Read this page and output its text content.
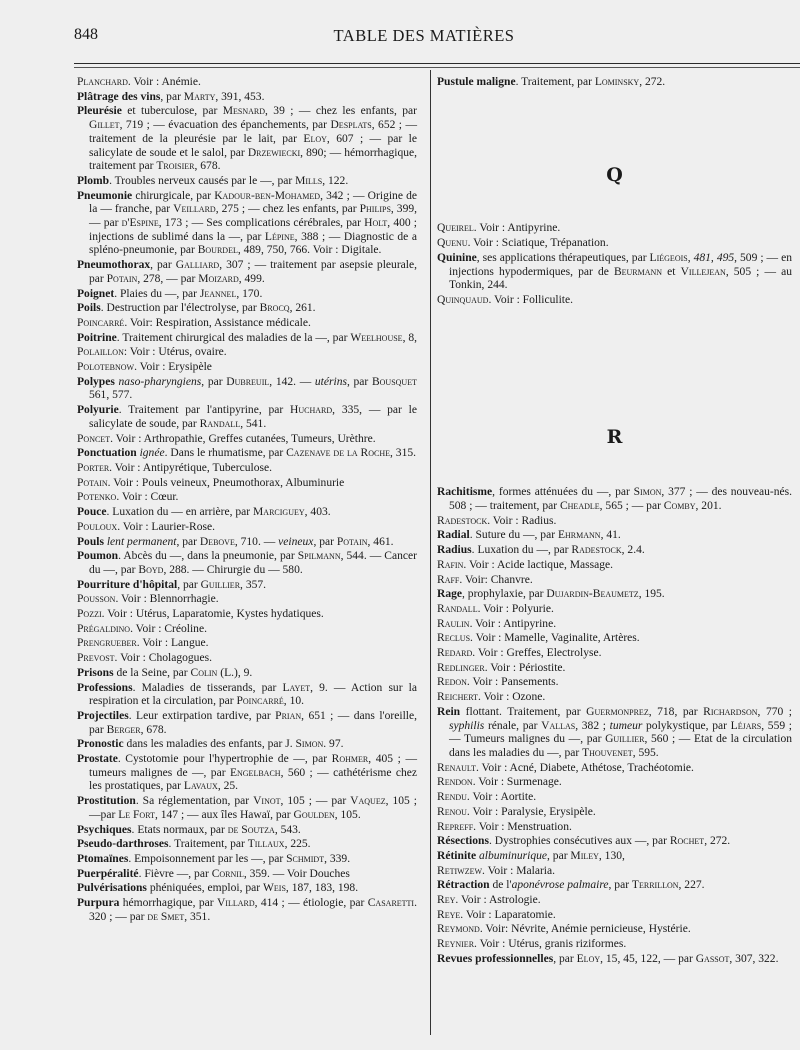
848	TABLE DES MATIÈRES
Planchard. Voir : Anémie.
Plâtrage des vins, par Marty, 391, 453.
Pleurésie et tuberculose, par Mesnard, 39 ; — chez les enfants, par Gillet, 719 ; — évacuation des épanchements, par Desplats, 652 ; — traitement de la pleurésie par le lait, par Eloy, 607 ; — par le salicylate de soude et le salol, par Drzewiecki, 890; — hémorrhagique, traitement par Troisier, 678.
Plomb. Troubles nerveux causés par le —, par Mills, 122.
Pneumonie chirurgicale, par Kadour-ben-Mohamed, 342 ; — Origine de la — franche, par Veillard, 275 ; — chez les enfants, par Philips, 399, — par d'Espine, 173 ; — Ses complications cérébrales, par Holt, 400 ; injections de sublimé dans la —, par Lépine, 388 ; — Diagnostic de a spléno-pneumonie, par Bourdel, 489, 750, 766. Voir : Digitale.
Pneumothorax, par Galliard, 307 ; — traitement par asepsie pleurale, par Potain, 278, — par Moizard, 499.
Poignet. Plaies du —, par Jeannel, 170.
Poils. Destruction par l'électrolyse, par Brocq, 261.
Poincarré. Voir: Respiration, Assistance médicale.
Poitrine. Traitement chirurgical des maladies de la —, par Weelhouse, 8,
Polaillon: Voir : Utérus, ovaire.
Polotebnow. Voir : Erysipèle
Polypes naso-pharyngiens, par Dubreuil, 142. — utérins, par Bousquet 561, 577.
Polyurie. Traitement par l'antipyrine, par Huchard, 335, — par le salicylate de soude, par Randall, 541.
Poncet. Voir : Arthropathie, Greffes cutanées, Tumeurs, Urèthre.
Ponctuation ignée. Dans le rhumatisme, par Cazenave de la Roche, 315.
Porter. Voir : Antipyrétique, Tuberculose.
Potain. Voir : Pouls veineux, Pneumothorax, Albuminurie
Potenko. Voir : Cœur.
Pouce. Luxation du — en arrière, par Marciguey, 403.
Pouloux. Voir : Laurier-Rose.
Pouls lent permanent, par Debove, 710. — veineux, par Potain, 461.
Poumon. Abcès du —, dans la pneumonie, par Spilmann, 544. — Cancer du —, par Boyd, 288. — Chirurgie du — 580.
Pourriture d'hôpital, par Guillier, 357.
Pousson. Voir : Blennorrhagie.
Pozzi. Voir : Utérus, Laparatomie, Kystes hydatiques.
Prégaldino. Voir : Créoline.
Prengrueber. Voir : Langue.
Prevost. Voir : Cholagogues.
Prisons de la Seine, par Colin (L.), 9.
Professions. Maladies de tisserands, par Layet, 9. — Action sur la respiration et la circulation, par Poincarré, 10.
Projectiles. Leur extirpation tardive, par Prian, 651 ; — dans l'oreille, par Berger, 678.
Pronostic dans les maladies des enfants, par J. Simon. 97.
Prostate. Cystotomie pour l'hypertrophie de —, par Rohmer, 405 ; — tumeurs malignes de —, par Engelbach, 560 ; — cathétérisme chez les prostatiques, par Lavaux, 25.
Prostitution. Sa réglementation, par Vinot, 105 ; — par Vaquez, 105 ; —par Le Fort, 147 ; — aux îles Hawaï, par Goulden, 105.
Psychiques. Etats normaux, par de Soutza, 543.
Pseudo-darthroses. Traitement, par Tillaux, 225.
Ptomaïnes. Empoisonnement par les —, par Schmidt, 339.
Puerpéralité. Fièvre —, par Cornil, 359. — Voir Douches
Pulvérisations phéniquées, emploi, par Weis, 187, 183, 198.
Purpura hémorrhagique, par Villard, 414 ; — étiologie, par Casaretti. 320 ; — par de Smet, 351.
Pustule maligne. Traitement, par Lominsky, 272.
Q
Queirel. Voir : Antipyrine.
Quenu. Voir : Sciatique, Trépanation.
Quinine, ses applications thérapeutiques, par Liégeois, 481, 495, 509 ; — en injections hypodermiques, par de Beurmann et Villejean, 505 ; — au Tonkin, 244.
Quinquaud. Voir : Folliculite.
R
Rachitisme, formes atténuées du —, par Simon, 377 ; — des nouveau-nés. 508 ; — traitement, par Cheadle, 565 ; — par Comby, 201.
Radestock. Voir : Radius.
Radial. Suture du —, par Ehrmann, 41.
Radius. Luxation du —, par Radestock, 2.4.
Rafin. Voir : Acide lactique, Massage.
Raff. Voir: Chanvre.
Rage, prophylaxie, par Dujardin-Beaumetz, 195.
Randall. Voir : Polyurie.
Raulin. Voir : Antipyrine.
Reclus. Voir : Mamelle, Vaginalite, Artères.
Redard. Voir : Greffes, Electrolyse.
Redlinger. Voir : Périostite.
Redon. Voir : Pansements.
Reichert. Voir : Ozone.
Rein flottant. Traitement, par Guermonprez, 718, par Richardson, 770 ; syphilis rénale, par Vallas, 382 ; tumeur polykystique, par Léjars, 559 ; — Tumeurs malignes du —, par Guillier, 560 ; — Etat de la circulation dans les maladies du —, par Thouvenet, 595.
Renault. Voir : Acné, Diabete, Athétose, Trachéotomie.
Rendon. Voir : Surmenage.
Rendu. Voir : Aortite.
Renou. Voir : Paralysie, Erysipèle.
Repreff. Voir : Menstruation.
Résections. Dystrophies consécutives aux —, par Rochet, 272.
Rétinite albuminurique, par Miley, 130,
Retiwzew. Voir : Malaria.
Rétraction de l'aponévrose palmaire, par Terrillon, 227.
Rey. Voir : Astrologie.
Reye. Voir : Laparatomie.
Reymond. Voir: Névrite, Anémie pernicieuse, Hystérie.
Reynier. Voir : Utérus, granis riziformes.
Revues professionnelles, par Eloy, 15, 45, 122, — par Gassot, 307, 322.
